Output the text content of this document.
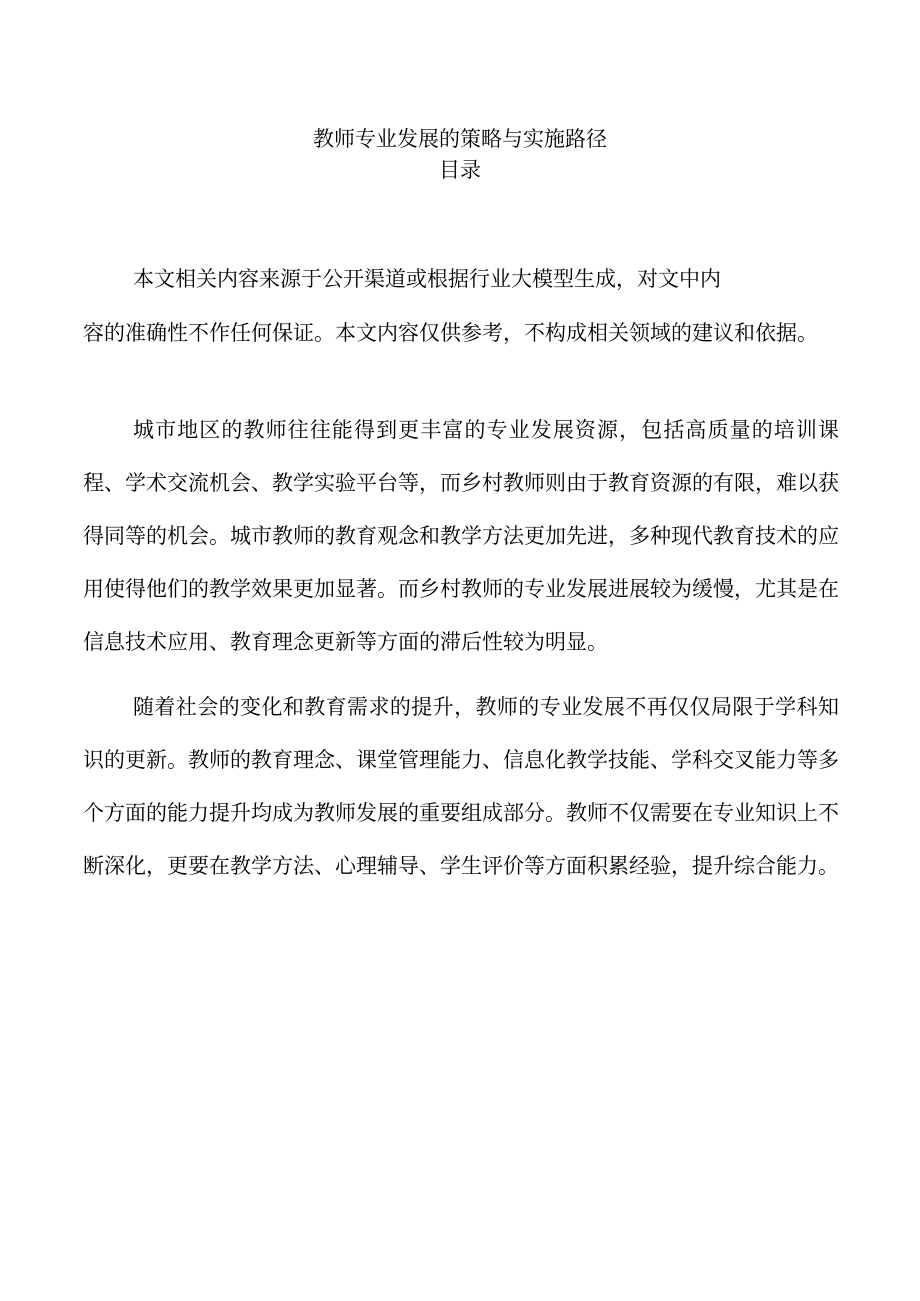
教师专业发展的策略与实施路径
目录

本文相关内容来源于公开渠道或根据行业大模型生成，对文中内

容的准确性不作任何保证。本文内容仅供参考，不构成相关领域的建议和依据。

城市地区的教师往往能得到更丰富的专业发展资源，包括高质量的培训课程、学术交流机会、教学实验平台等，而乡村教师则由于教育资源的有限，难以获得同等的机会。城市教师的教育观念和教学方法更加先进，多种现代教育技术的应用使得他们的教学效果更加显著。而乡村教师的专业发展进展较为缓慢，尤其是在信息技术应用、教育理念更新等方面的滞后性较为明显。

随着社会的变化和教育需求的提升，教师的专业发展不再仅仅局限于学科知识的更新。教师的教育理念、课堂管理能力、信息化教学技能、学科交叉能力等多个方面的能力提升均成为教师发展的重要组成部分。教师不仅需要在专业知识上不断深化，更要在教学方法、心理辅导、学生评价等方面积累经验，提升综合能力。
